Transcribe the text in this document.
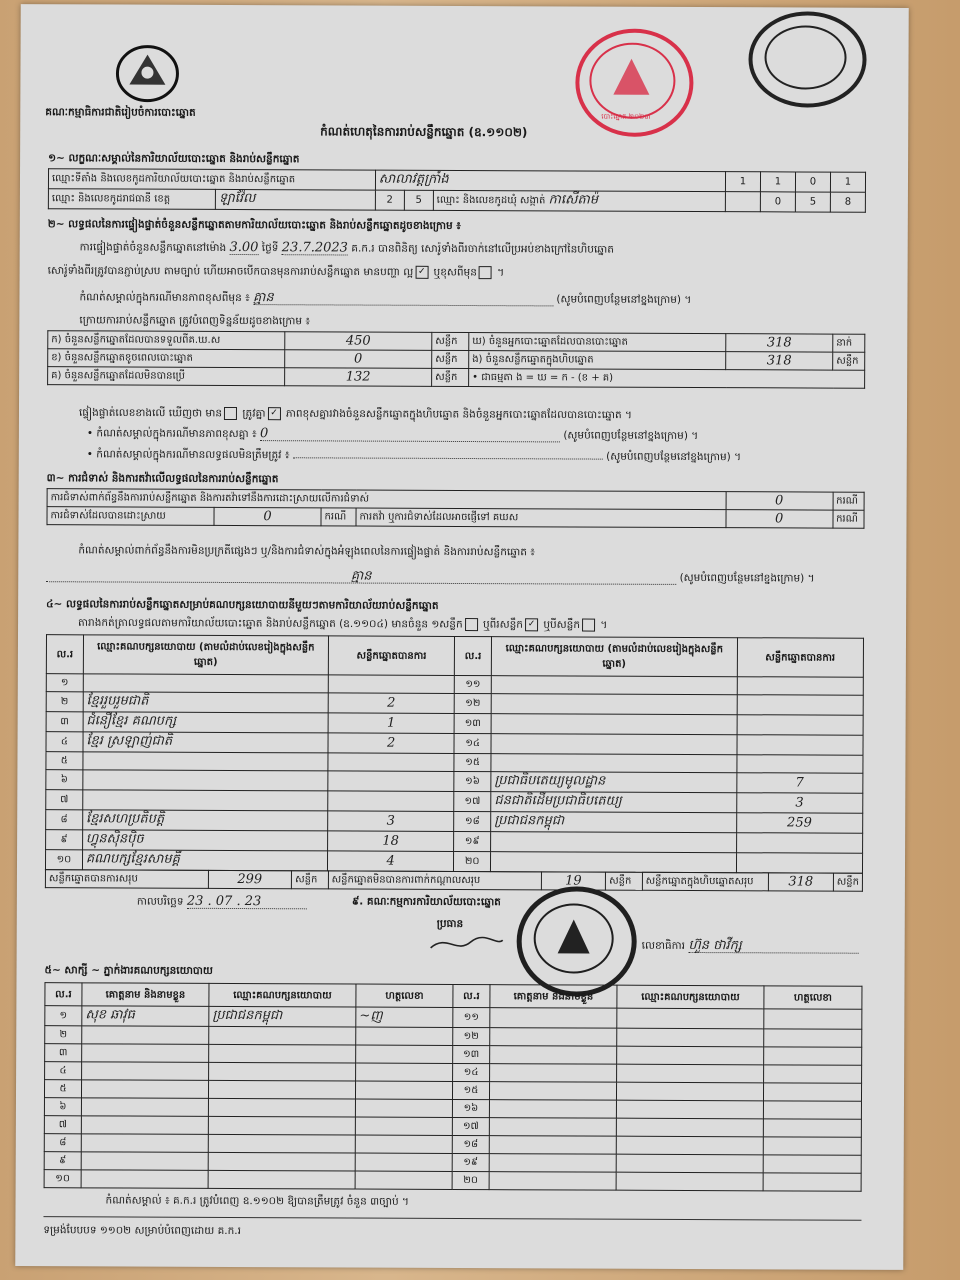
គណៈកម្មាធិការជាតិរៀបចំការបោះឆ្នោត	បោះឆ្នោត ២០២៣
កំណត់ហេតុនៃការរាប់សន្លឹកឆ្នោត (ឧ.១១០២)
១~ លក្ខណៈសម្គាល់នៃការិយាល័យបោះឆ្នោត និងរាប់សន្លឹកឆ្នោត
ឈ្មោះទីតាំង និងលេខកូដការិយាល័យបោះឆ្នោត និងរាប់សន្លឹកឆ្នោត		សាលាវត្តក្រាំង			1	1	0	1
ឈ្មោះ និងលេខកូដរាជធានី ខេត្ត	ឡាវ៉ែល	2	5	ឈ្មោះ និងលេខកូដឃុំ សង្កាត់ កាសើតាម៉		0	5	8
២~ លទ្ធផលនៃការផ្ទៀងផ្ទាត់ចំនួនសន្លឹកឆ្នោតតាមការិយាល័យបោះឆ្នោត និងរាប់សន្លឹកឆ្នោតដូចខាងក្រោម ៖
ការផ្ទៀងផ្ទាត់ចំនួនសន្លឹកឆ្នោតនៅម៉ោង 3.00 ថ្ងៃទី 23.7.2023 គ.ក.រ បានពិនិត្យ សោរ៉ូទាំងពីរចាក់នៅលើប្រអប់ខាងក្រៅនៃហិបឆ្នោត
សោរ៉ូទាំងពីរត្រូវបានភ្ជាប់ស្រប តាមច្បាប់ ហើយអាចបើកបានមុនការរាប់សន្លឹកឆ្នោត មានបញ្ហា ល្អ ✓ ឬខុសពីមុន ។
កំណត់សម្គាល់ក្នុងករណីមានភាពខុសពីមុន ៖ គ្មាន	(សូមបំពេញបន្ថែមនៅខ្នងក្រោម) ។
ក្រោយការរាប់សន្លឹកឆ្នោត ត្រូវបំពេញទិន្នន័យដូចខាងក្រោម ៖
ក) ចំនួនសន្លឹកឆ្នោតដែលបានទទួលពីគ.ឃ.ស	450	សន្លឹក	ឃ) ចំនួនអ្នកបោះឆ្នោតដែលបានបោះឆ្នោត	318	នាក់
ខ) ចំនួនសន្លឹកឆ្នោតខូចពេលបោះឆ្នោត	0	សន្លឹក	ង) ចំនួនសន្លឹកឆ្នោតក្នុងហិបឆ្នោត	318	សន្លឹក
គ) ចំនួនសន្លឹកឆ្នោតដែលមិនបានប្រើ	132	សន្លឹក	• ជាធម្មតា ង = ឃ = ក - (ខ + គ)		
ផ្ទៀងផ្ទាត់លេខខាងលើ ឃើញថា មាន ត្រូវគ្នា ✓ ភាពខុសគ្នារវាងចំនួនសន្លឹកឆ្នោតក្នុងហិបឆ្នោត និងចំនួនអ្នកបោះឆ្នោតដែលបានបោះឆ្នោត ។
• កំណត់សម្គាល់ក្នុងករណីមានភាពខុសគ្នា ៖ 0	(សូមបំពេញបន្ថែមនៅខ្នងក្រោម) ។
• កំណត់សម្គាល់ក្នុងករណីមានលទ្ធផលមិនត្រឹមត្រូវ ៖	(សូមបំពេញបន្ថែមនៅខ្នងក្រោម) ។
៣~ ការជំទាស់ និងការតវ៉ាលើលទ្ធផលនៃការរាប់សន្លឹកឆ្នោត
ការជំទាស់ពាក់ព័ន្ធនឹងការរាប់សន្លឹកឆ្នោត និងការតវ៉ាទៅនឹងការដោះស្រាយលើការជំទាស់				0	ករណី
ការជំទាស់ដែលបានដោះស្រាយ	0	ករណី	ការតវ៉ា ឬការជំទាស់ដែលអាចផ្ញើទៅ គឃស	0	ករណី
កំណត់សម្គាល់ពាក់ព័ន្ធនឹងការមិនប្រក្រតីផ្សេងៗ ឬ/និងការជំទាស់ក្នុងអំឡុងពេលនៃការផ្ទៀងផ្ទាត់ និងការរាប់សន្លឹកឆ្នោត ៖
គ្មាន	(សូមបំពេញបន្ថែមនៅខ្នងក្រោម) ។
៤~ លទ្ធផលនៃការរាប់សន្លឹកឆ្នោតសម្រាប់គណបក្សនយោបាយនីមួយៗតាមការិយាល័យរាប់សន្លឹកឆ្នោត
តារាងកត់ត្រាលទ្ធផលតាមការិយាល័យបោះឆ្នោត និងរាប់សន្លឹកឆ្នោត (ឧ.១១០៤) មានចំនួន ១សន្លឹក ឬពីរសន្លឹក ✓ ឬបីសន្លឹក ។
ល.រ	ឈ្មោះគណបក្សនយោបាយ (តាមលំដាប់លេខរៀងក្នុងសន្លឹកឆ្នោត)	សន្លឹកឆ្នោតបានការ	ល.រ	ឈ្មោះគណបក្សនយោបាយ (តាមលំដាប់លេខរៀងក្នុងសន្លឹកឆ្នោត)	សន្លឹកឆ្នោតបានការ
១			១១		
២	ខ្មែររួបរួមជាតិ	2	១២		
៣	ជំនឿខ្មែរ គណបក្ស	1	១៣		
៤	ខ្មែរ ស្រឡាញ់ជាតិ	2	១៤		
៥			១៥		
៦			១៦	ប្រជាធិបតេយ្យមូលដ្ឋាន	7
៧			១៧	ជនជាតិដើមប្រជាធិបតេយ្យ	3
៨	ខ្មែរសហប្រតិបត្តិ	3	១៨	ប្រជាជនកម្ពុជា	259
៩	ហ្វុនស៊ិនប៉ិច	18	១៩		
១០	គណបក្សខ្មែរសាមគ្គី	4	២០		
សន្លឹកឆ្នោតបានការសរុប	299	សន្លឹក	សន្លឹកឆ្នោតមិនបានការពាក់កណ្ដាលសរុប	19	សន្លឹក	សន្លឹកឆ្នោតក្នុងហិបឆ្នោតសរុប	318	សន្លឹក
កាលបរិច្ឆេទ 23 . 07 . 23	៩. គណៈកម្មការការិយាល័យបោះឆ្នោត
ប្រធាន
លេខាធិការ ហ៊ួន ថាវីក្ស
៥~ សាក្សី ~ ភ្នាក់ងារគណបក្សនយោបាយ
ល.រ	គោត្តនាម និងនាមខ្លួន	ឈ្មោះគណបក្សនយោបាយ	ហត្ថលេខា	ល.រ	គោត្តនាម និងនាមខ្លួន	ឈ្មោះគណបក្សនយោបាយ	ហត្ថលេខា
១	សុខ ឆាវុធ	ប្រជាជនកម្ពុជា	~ញ	១១			
២				១២			
៣				១៣			
៤				១៤			
៥				១៥			
៦				១៦			
៧				១៧			
៨				១៨			
៩				១៩			
១០				២០			
កំណត់សម្គាល់ ៖ គ.ក.រ ត្រូវបំពេញ ឧ.១១០២ ឱ្យបានត្រឹមត្រូវ ចំនួន ៣ច្បាប់ ។
ទម្រង់បែបបទ ១១០២ សម្រាប់បំពេញដោយ គ.ក.រ
